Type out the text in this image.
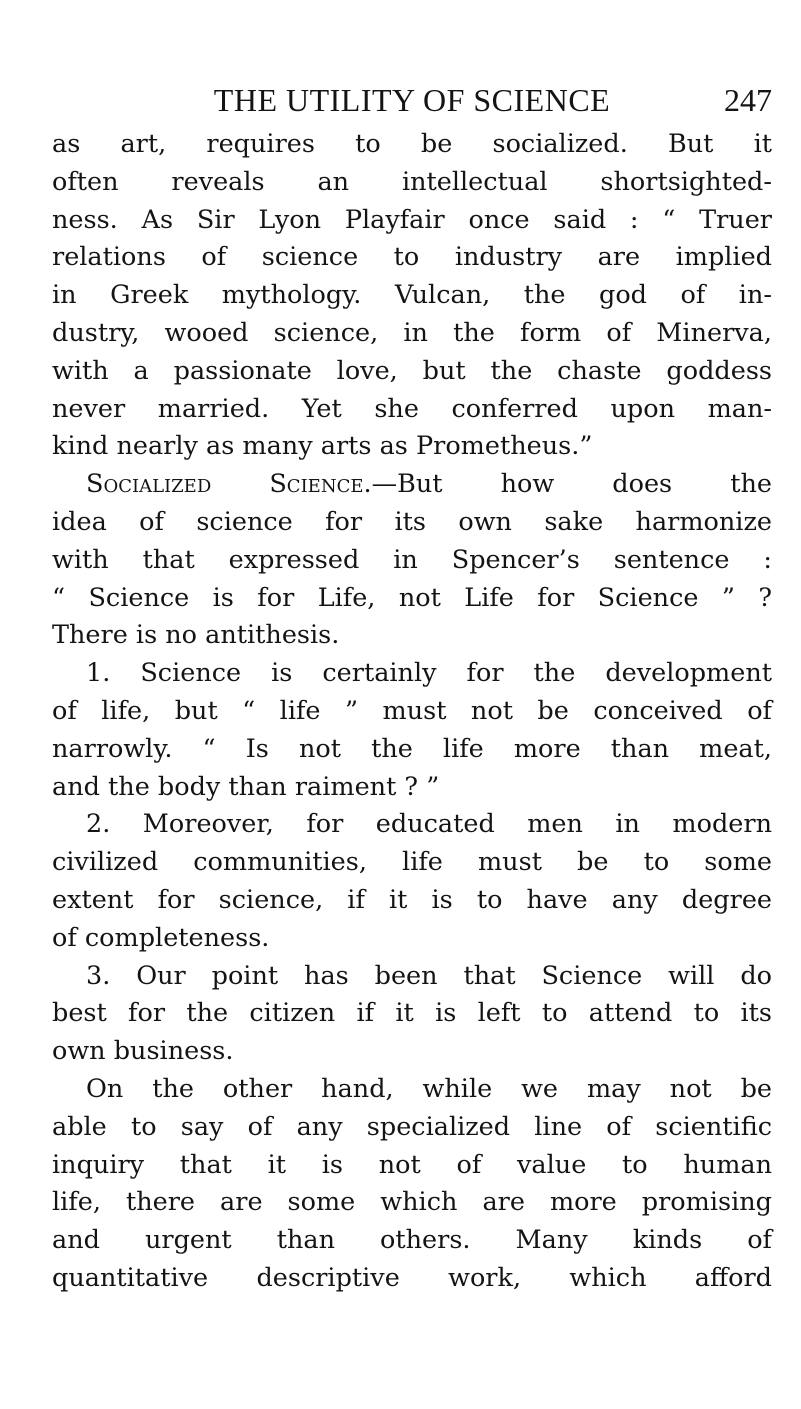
THE UTILITY OF SCIENCE	247
as art, requires to be socialized. But it
often reveals an intellectual shortsighted-
ness. As Sir Lyon Playfair once said : “ Truer
relations of science to industry are implied
in Greek mythology. Vulcan, the god of in-
dustry, wooed science, in the form of Minerva,
with a passionate love, but the chaste goddess
never married. Yet she conferred upon man-
kind nearly as many arts as Prometheus.”
Socialized Science.—But how does the
idea of science for its own sake harmonize
with that expressed in Spencer’s sentence :
“ Science is for Life, not Life for Science ” ?
There is no antithesis.
1. Science is certainly for the development
of life, but “ life ” must not be conceived of
narrowly. “ Is not the life more than meat,
and the body than raiment ? ”
2. Moreover, for educated men in modern
civilized communities, life must be to some
extent for science, if it is to have any degree
of completeness.
3. Our point has been that Science will do
best for the citizen if it is left to attend to its
own business.
On the other hand, while we may not be
able to say of any specialized line of scientific
inquiry that it is not of value to human
life, there are some which are more promising
and urgent than others. Many kinds of
quantitative descriptive work, which afford
